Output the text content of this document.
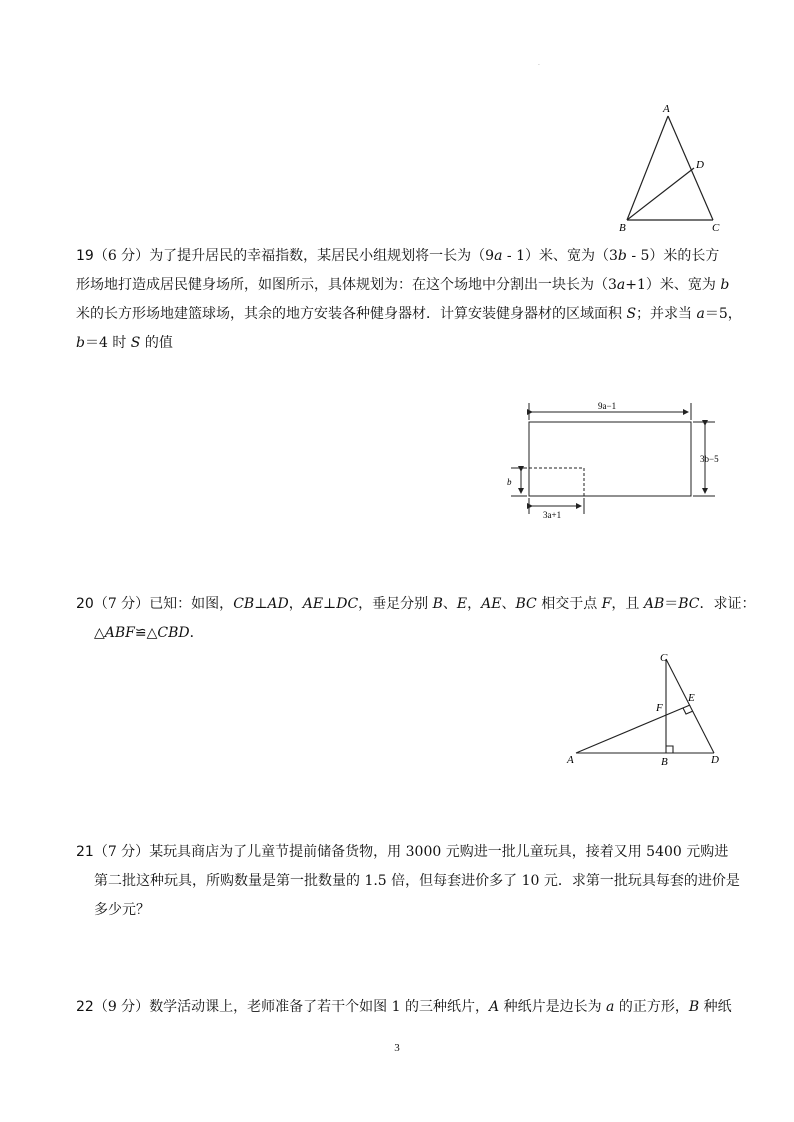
·
A
D
B	C

19（6 分）为了提升居民的幸福指数，某居民小组规划将一长为（9a - 1）米、宽为（3b - 5）米的长方

形场地打造成居民健身场所，如图所示，具体规划为：在这个场地中分割出一块长为（3a+1）米、宽为 b

米的长方形场地建篮球场，其余的地方安装各种健身器材．计算安装健身器材的区域面积 S；并求当 a＝5，

b＝4 时 S 的值

9a−1
3b−5
b
3a+1

20（7 分）已知：如图，CB⊥AD，AE⊥DC，垂足分别 B、E，AE、BC 相交于点 F，且 AB＝BC．求证：

△ABF≌△CBD．

C
E
F
A	B	D

21（7 分）某玩具商店为了儿童节提前储备货物，用 3000 元购进一批儿童玩具，接着又用 5400 元购进

第二批这种玩具，所购数量是第一批数量的 1.5 倍，但每套进价多了 10 元．求第一批玩具每套的进价是

多少元？

22（9 分）数学活动课上，老师准备了若干个如图 1 的三种纸片，A 种纸片是边长为 a 的正方形，B 种纸

3
